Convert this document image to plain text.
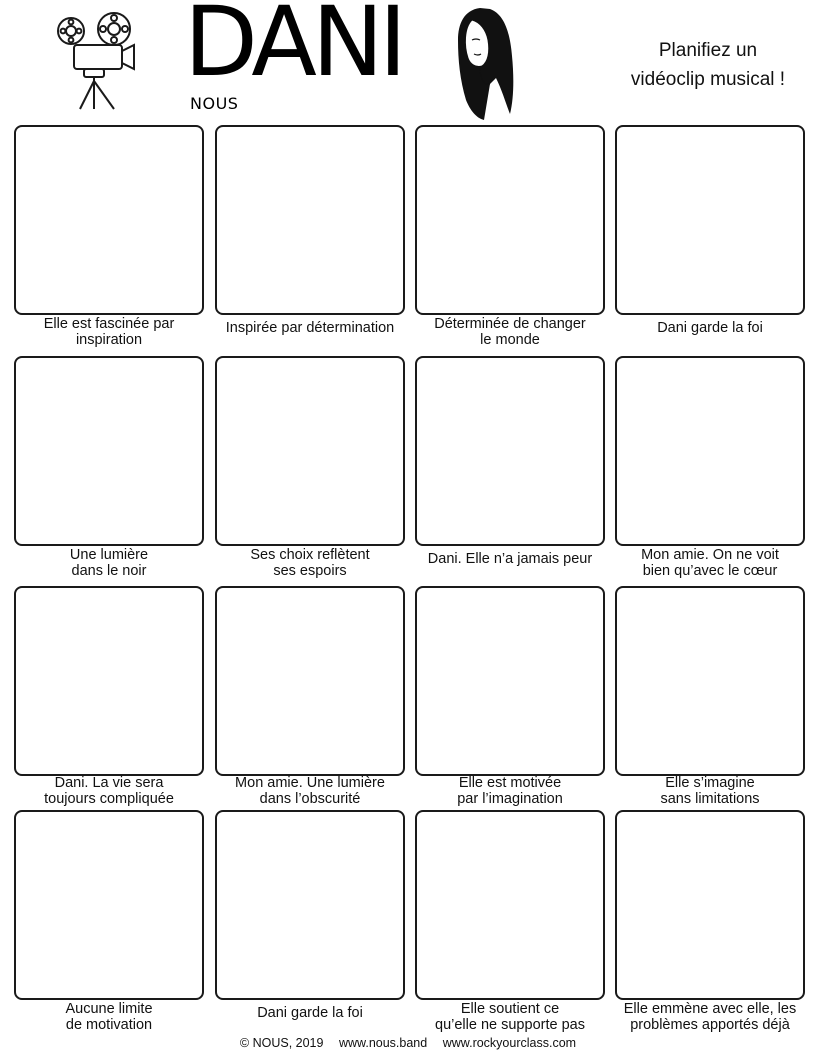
DANI
NOUS
Planifiez un
vidéoclip musical !
Elle est fascinée par
inspiration
Inspirée par détermination	Déterminée de changer
le monde
Dani garde la foi
Une lumière
dans le noir
Ses choix reflètent
ses espoirs
Dani. Elle n’a jamais peur	Mon amie. On ne voit
bien qu’avec le cœur
Dani. La vie sera
toujours compliquée
Mon amie. Une lumière
dans l’obscurité
Elle est motivée
par l’imagination
Elle s’imagine
sans limitations
Aucune limite
de motivation
Dani garde la foi	Elle soutient ce
qu’elle ne supporte pas
Elle emmène avec elle, les
problèmes apportés déjà
© NOUS, 2019 www.nous.band www.rockyourclass.com
